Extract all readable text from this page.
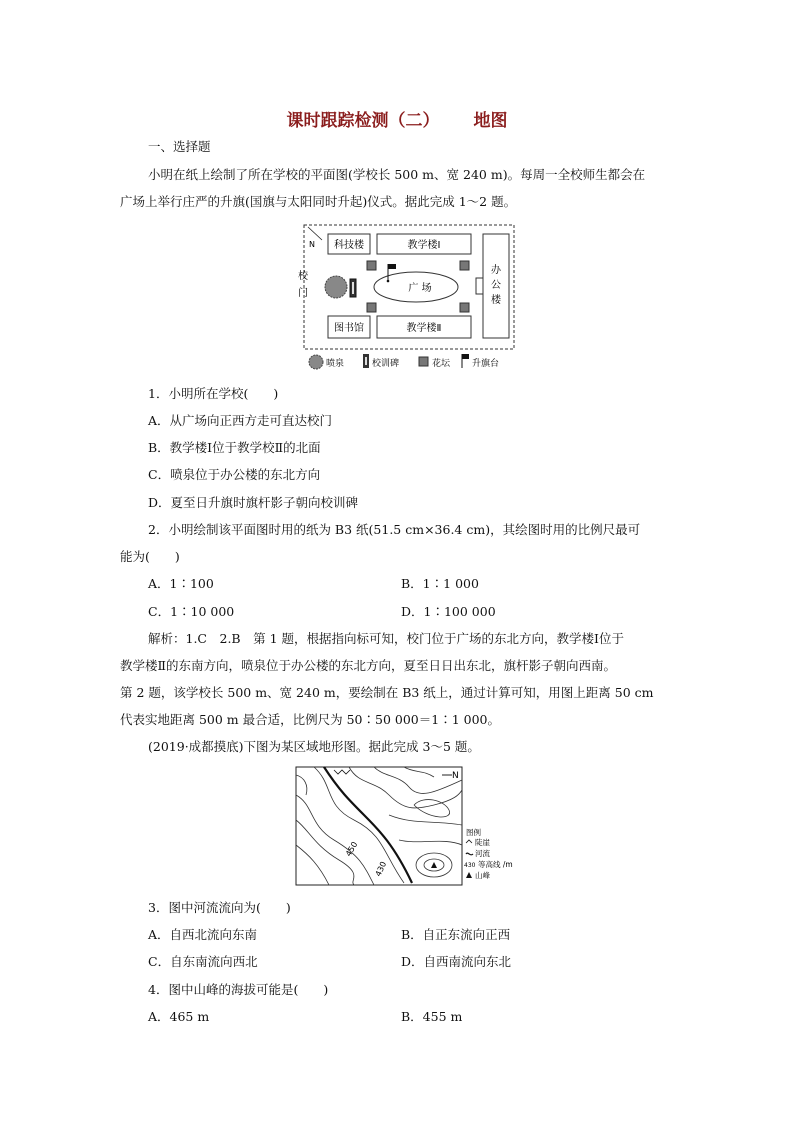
课时跟踪检测（二） 地图
一、选择题
小明在纸上绘制了所在学校的平面图(学校长 500 m、宽 240 m)。每周一全校师生都会在
广场上举行庄严的升旗(国旗与太阳同时升起)仪式。据此完成 1～2 题。
N 科技楼	教学楼Ⅰ
图书馆	教学楼Ⅱ
办
公
楼
广 场
校
门
喷泉	校训碑	花坛 升旗台
1．小明所在学校(　　)
A．从广场向正西方走可直达校门
B．教学楼Ⅰ位于教学校Ⅱ的北面
C．喷泉位于办公楼的东北方向
D．夏至日升旗时旗杆影子朝向校训碑
2．小明绘制该平面图时用的纸为 B3 纸(51.5 cm×36.4 cm)，其绘图时用的比例尺最可
能为(　　)
A．1∶100	B．1∶1 000
C．1∶10 000	D．1∶100 000
解析：1.C　2.B　第 1 题，根据指向标可知，校门位于广场的东北方向，教学楼Ⅰ位于
教学楼Ⅱ的东南方向，喷泉位于办公楼的东北方向，夏至日日出东北，旗杆影子朝向西南。
第 2 题，该学校长 500 m、宽 240 m，要绘制在 B3 纸上，通过计算可知，用图上距离 50 cm
代表实地距离 500 m 最合适，比例尺为 50∶50 000＝1∶1 000。
(2019·成都摸底)下图为某区域地形图。据此完成 3～5 题。
N
450
430
图例
陡崖
河流
430 等高线 /m
山峰
3．图中河流流向为(　　)
A．自西北流向东南	B．自正东流向正西
C．自东南流向西北	D．自西南流向东北
4．图中山峰的海拔可能是(　　)
A．465 m	B．455 m
